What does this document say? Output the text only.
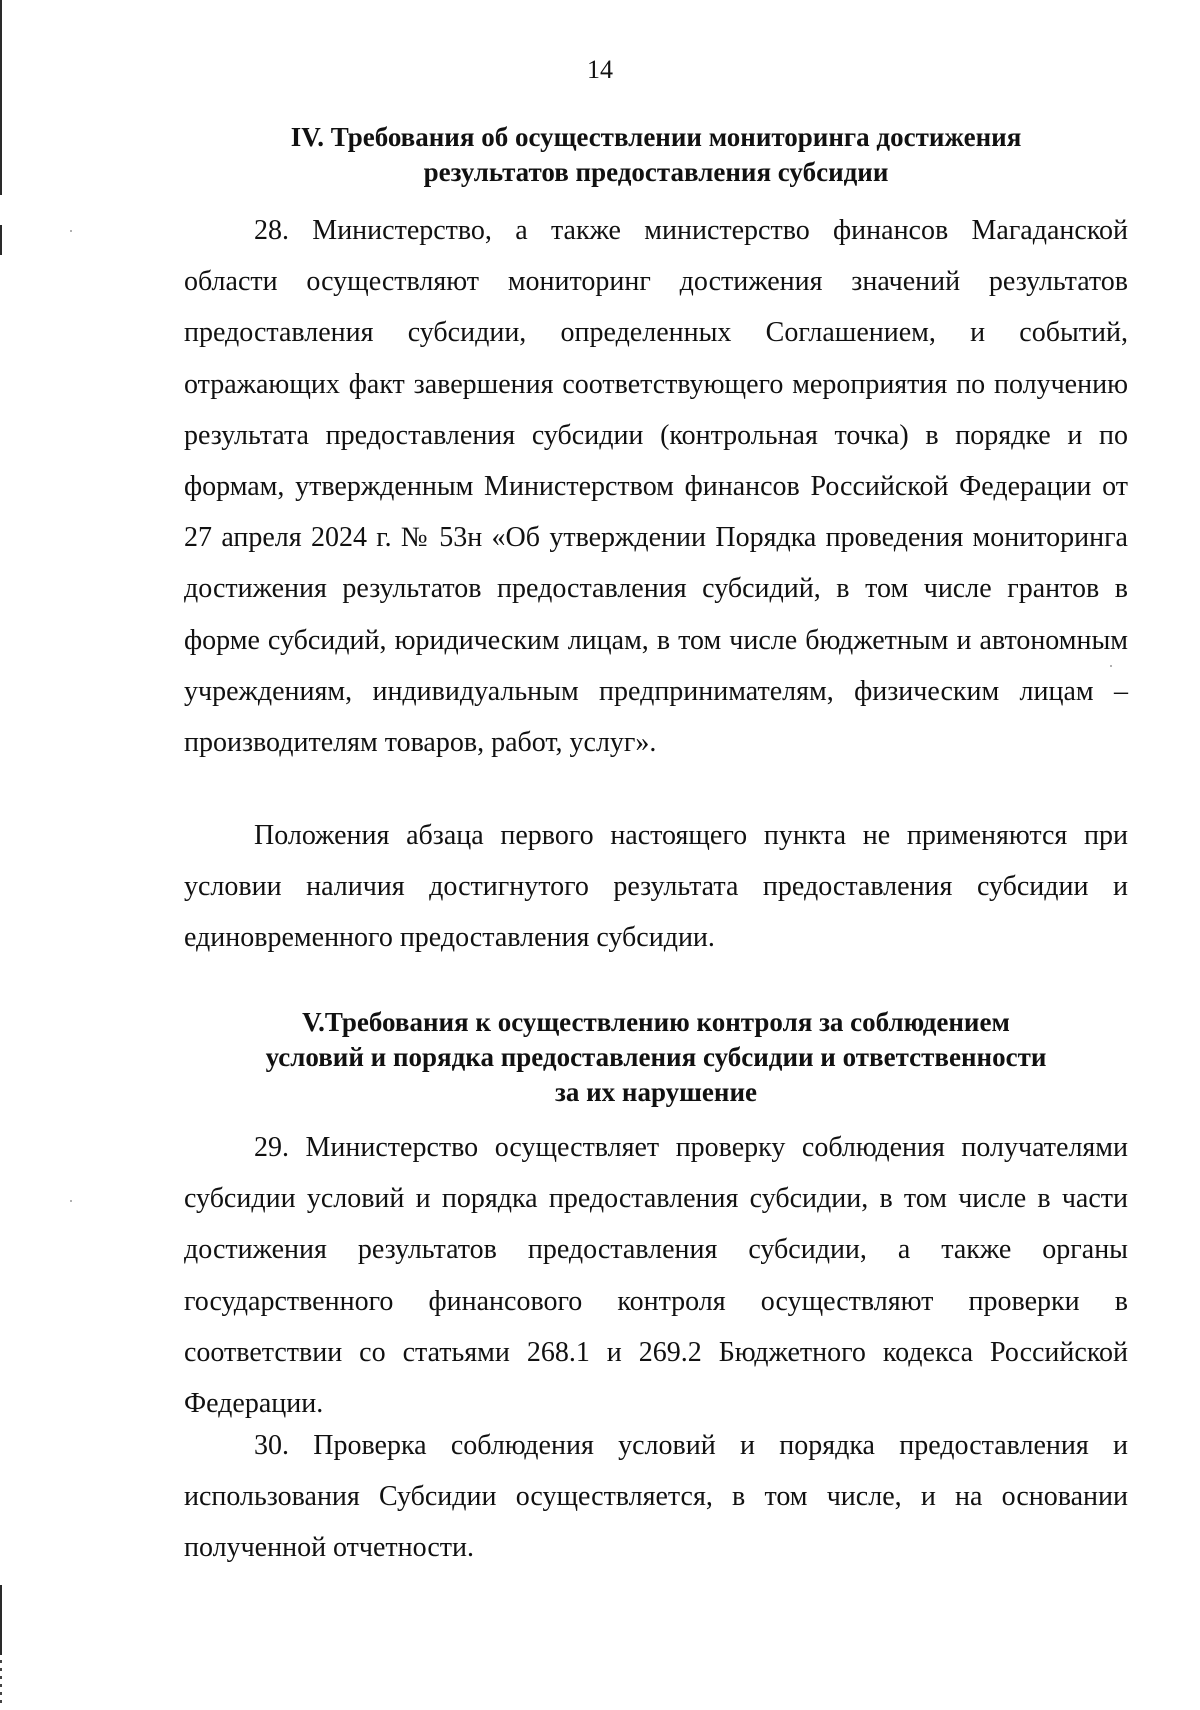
14
IV. Требования об осуществлении мониторинга достижения
результатов предоставления субсидии

28. Министерство, а также министерство финансов Магаданской области осуществляют мониторинг достижения значений результатов предоставления субсидии, определенных Соглашением, и событий, отражающих факт завершения соответствующего мероприятия по получению результата предоставления субсидии (контрольная точка) в порядке и по формам, утвержденным Министерством финансов Российской Федерации от 27 апреля 2024 г. № 53н «Об утверждении Порядка проведения мониторинга достижения результатов предоставления субсидий, в том числе грантов в форме субсидий, юридическим лицам, в том числе бюджетным и автономным учреждениям, индивидуальным предпринимателям, физическим лицам – производителям товаров, работ, услуг».

Положения абзаца первого настоящего пункта не применяются при условии наличия достигнутого результата предоставления субсидии и единовременного предоставления субсидии.

V.Требования к осуществлению контроля за соблюдением
условий и порядка предоставления субсидии и ответственности
за их нарушение

29. Министерство осуществляет проверку соблюдения получателями субсидии условий и порядка предоставления субсидии, в том числе в части достижения результатов предоставления субсидии, а также органы государственного финансового контроля осуществляют проверки в соответствии со статьями 268.1 и 269.2 Бюджетного кодекса Российской Федерации.

30. Проверка соблюдения условий и порядка предоставления и использования Субсидии осуществляется, в том числе, и на основании полученной отчетности.
